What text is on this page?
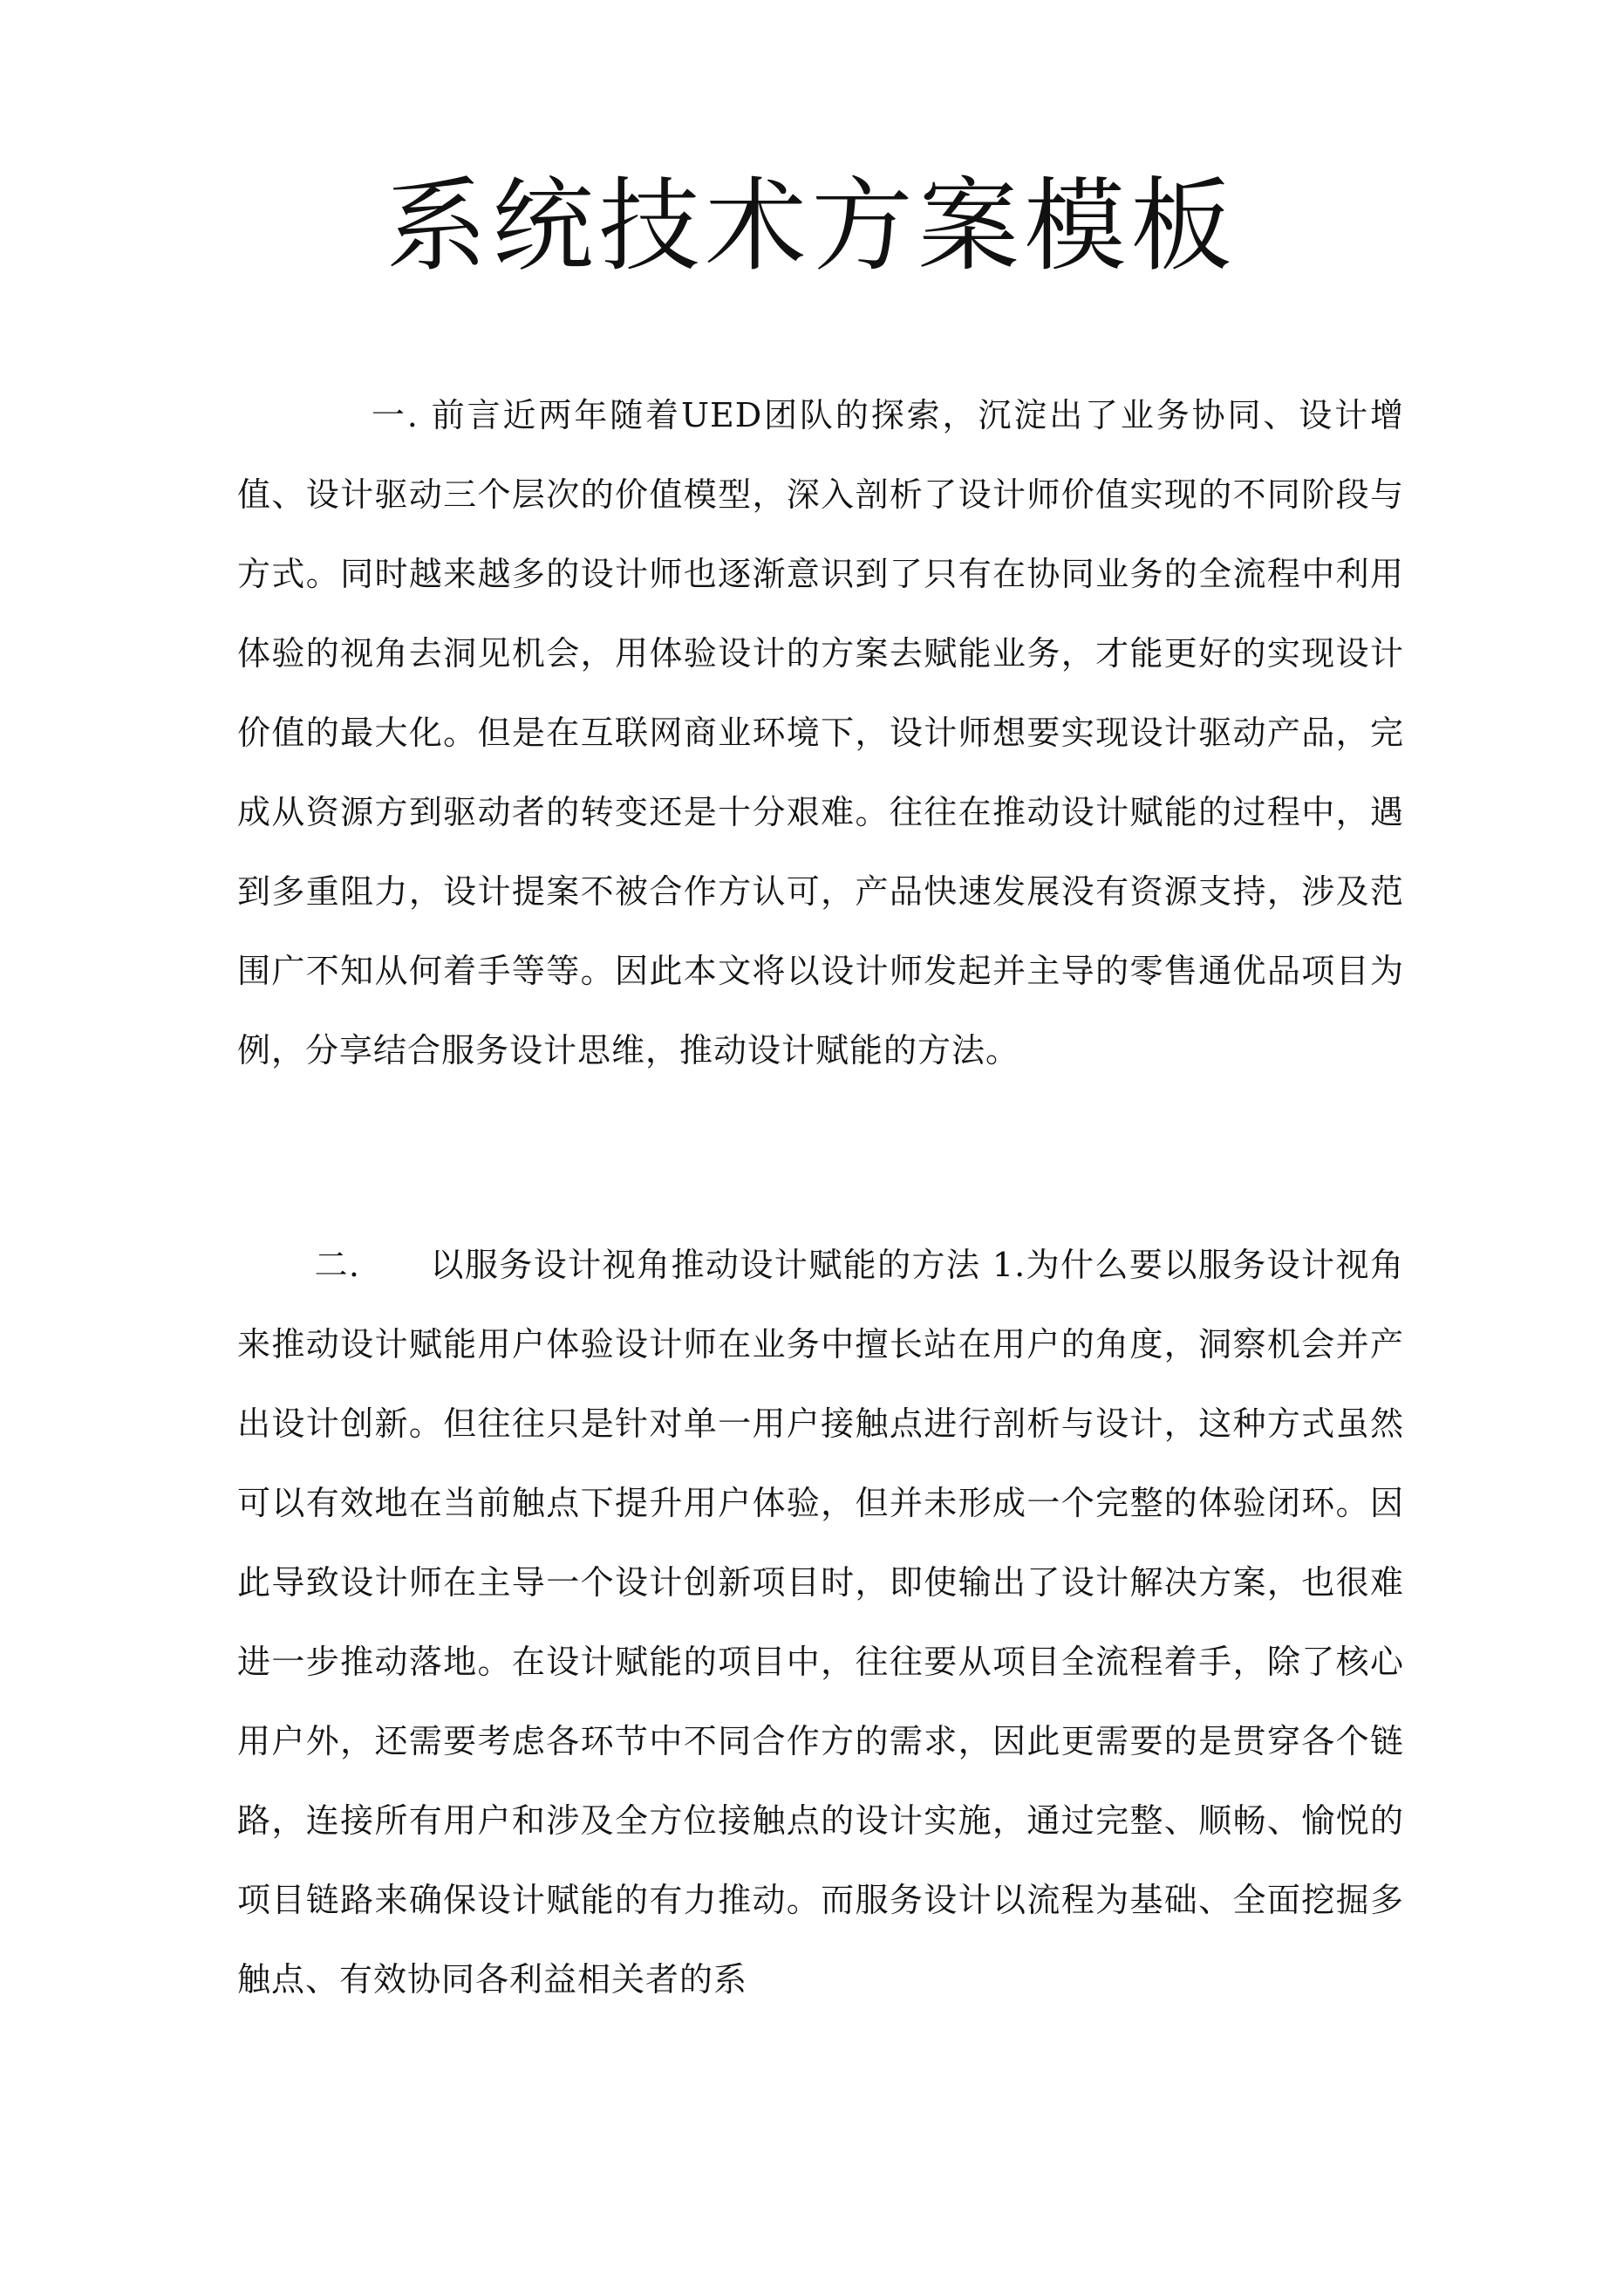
系统技术方案模板

一. 前言近两年随着UED团队的探索，沉淀出了业务协同、设计增值、设计驱动三个层次的价值模型，深入剖析了设计师价值实现的不同阶段与方式。同时越来越多的设计师也逐渐意识到了只有在协同业务的全流程中利用体验的视角去洞见机会，用体验设计的方案去赋能业务，才能更好的实现设计价值的最大化。但是在互联网商业环境下，设计师想要实现设计驱动产品，完成从资源方到驱动者的转变还是十分艰难。往往在推动设计赋能的过程中，遇到多重阻力，设计提案不被合作方认可，产品快速发展没有资源支持，涉及范围广不知从何着手等等。因此本文将以设计师发起并主导的零售通优品项目为例，分享结合服务设计思维，推动设计赋能的方法。

二. 以服务设计视角推动设计赋能的方法 1.为什么要以服务设计视角来推动设计赋能用户体验设计师在业务中擅长站在用户的角度，洞察机会并产出设计创新。但往往只是针对单一用户接触点进行剖析与设计，这种方式虽然可以有效地在当前触点下提升用户体验，但并未形成一个完整的体验闭环。因此导致设计师在主导一个设计创新项目时，即使输出了设计解决方案，也很难进一步推动落地。在设计赋能的项目中，往往要从项目全流程着手，除了核心用户外，还需要考虑各环节中不同合作方的需求，因此更需要的是贯穿各个链路，连接所有用户和涉及全方位接触点的设计实施，通过完整、顺畅、愉悦的项目链路来确保设计赋能的有力推动。而服务设计以流程为基础、全面挖掘多触点、有效协同各利益相关者的系
